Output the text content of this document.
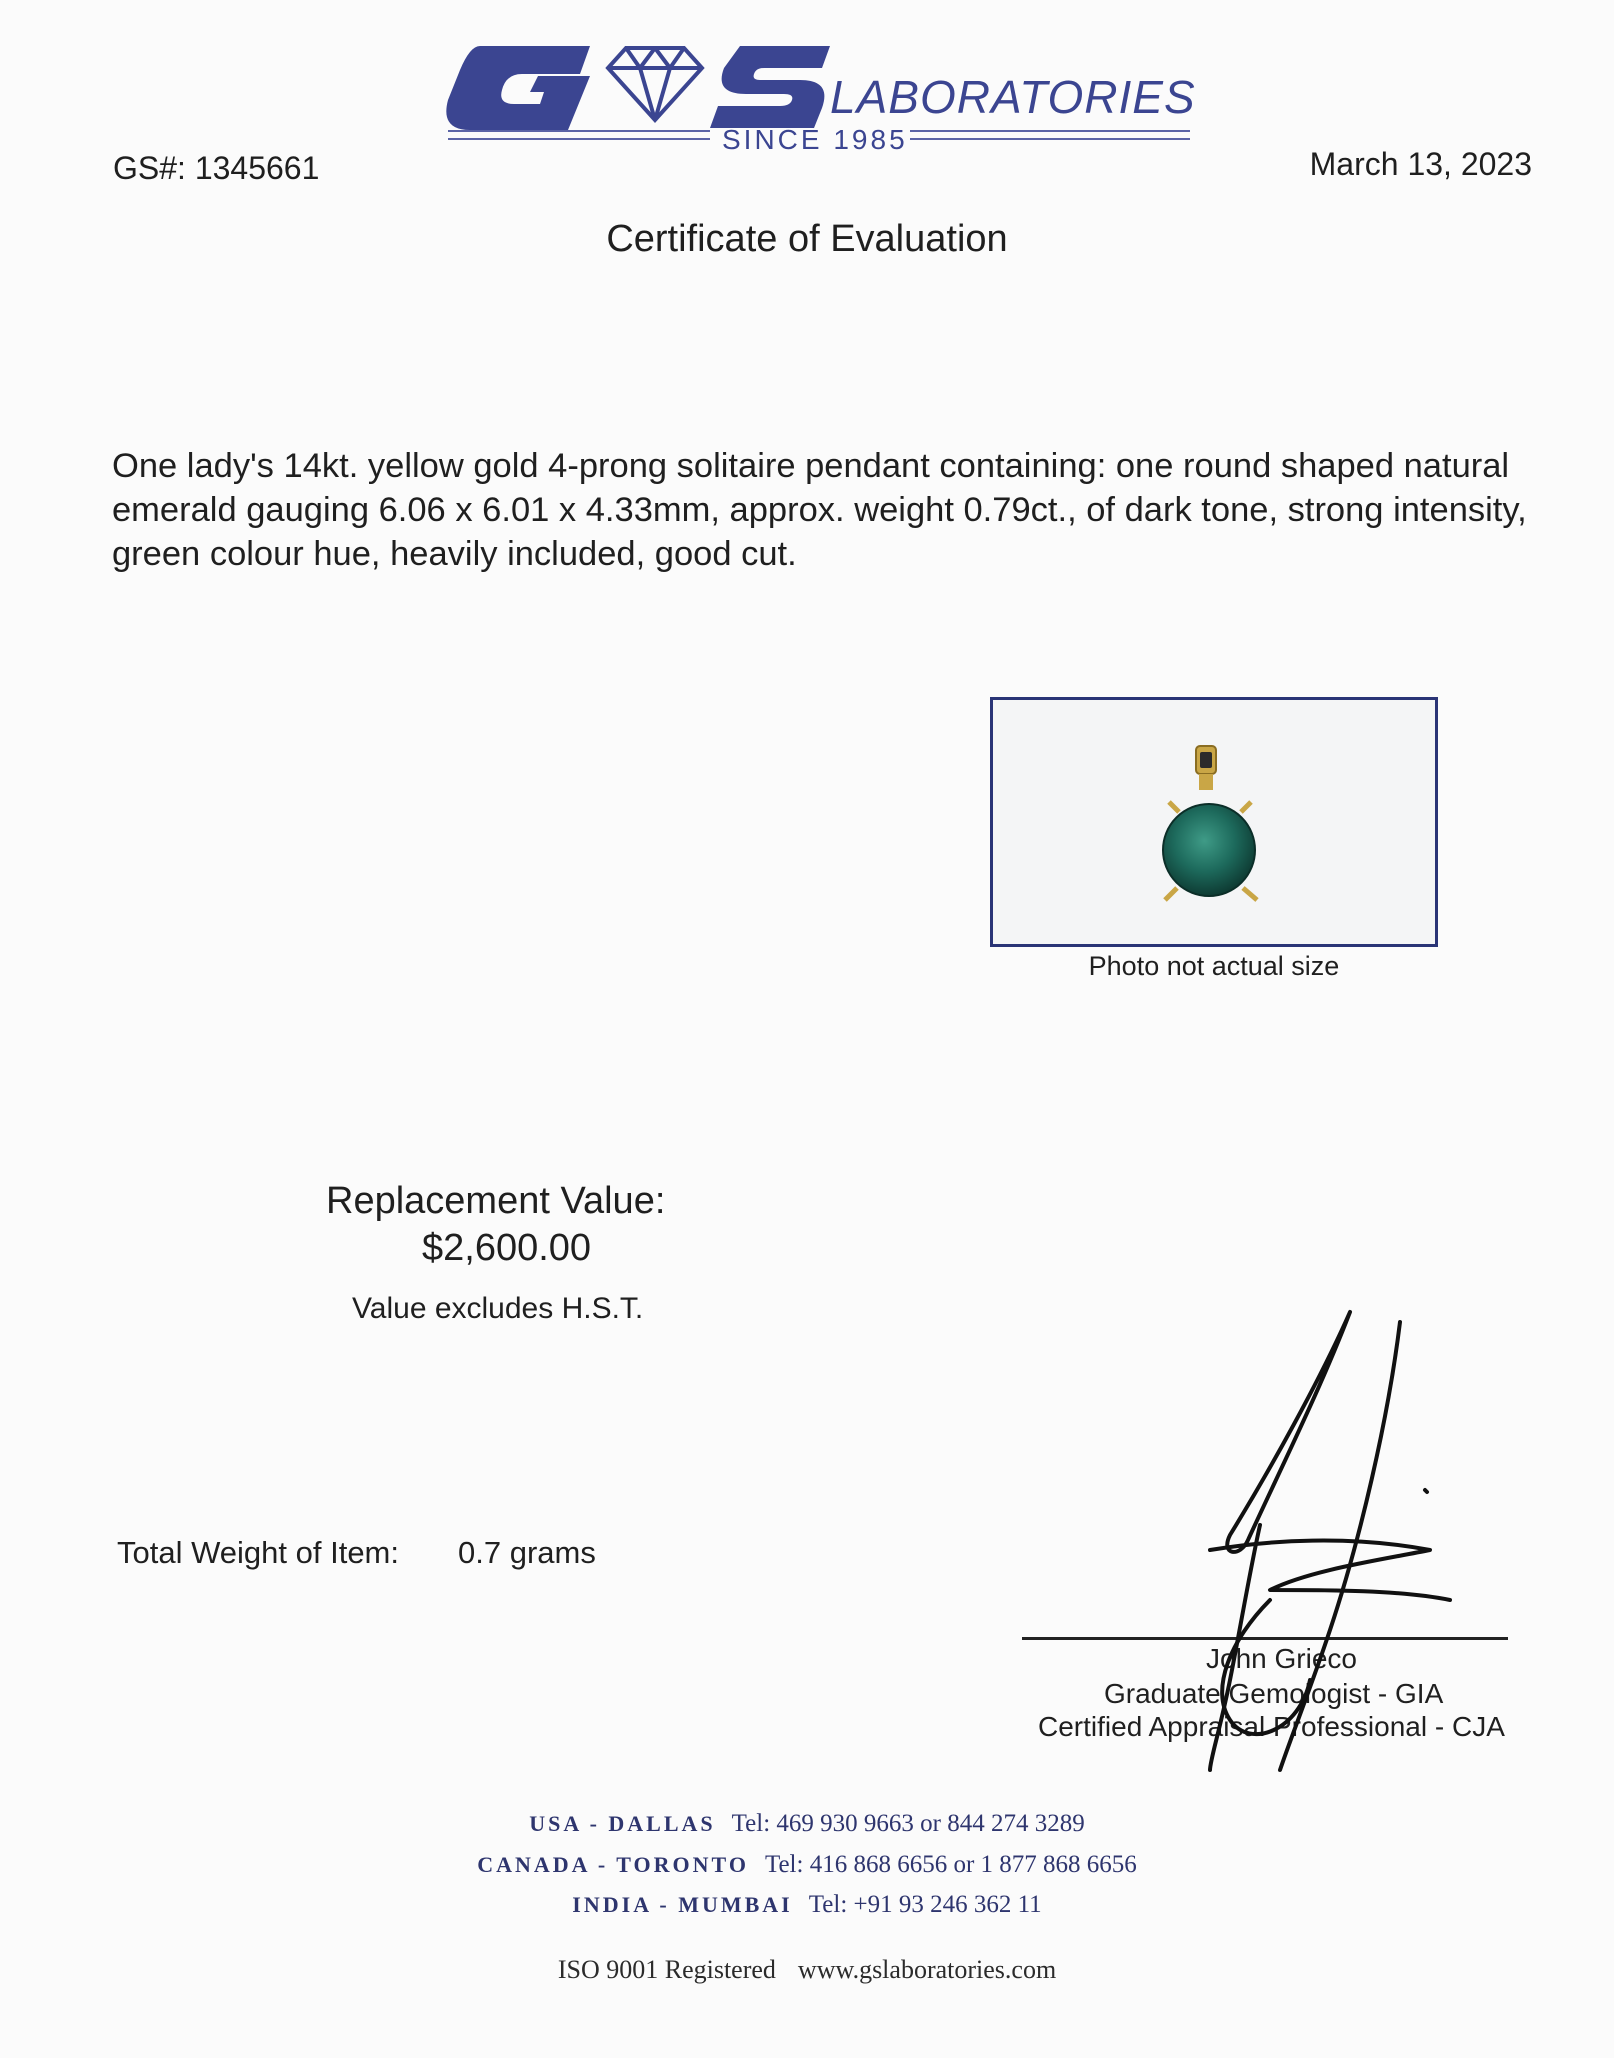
LABORATORIES
SINCE 1985
GS#: 1345661	March 13, 2023
Certificate of Evaluation
One lady's 14kt. yellow gold 4-prong solitaire pendant containing: one round shaped natural emerald gauging 6.06 x 6.01 x 4.33mm, approx. weight 0.79ct., of dark tone, strong intensity, green colour hue, heavily included, good cut.
Photo not actual size
Replacement Value:
$2,600.00
Value excludes H.S.T.
Total Weight of Item: 0.7 grams
John Grieco
Graduate Gemologist - GIA
Certified Appraisal Professional - CJA
USA - DALLAS Tel: 469 930 9663 or 844 274 3289
CANADA - TORONTO Tel: 416 868 6656 or 1 877 868 6656
INDIA - MUMBAI Tel: +91 93 246 362 11
ISO 9001 Registered www.gslaboratories.com
